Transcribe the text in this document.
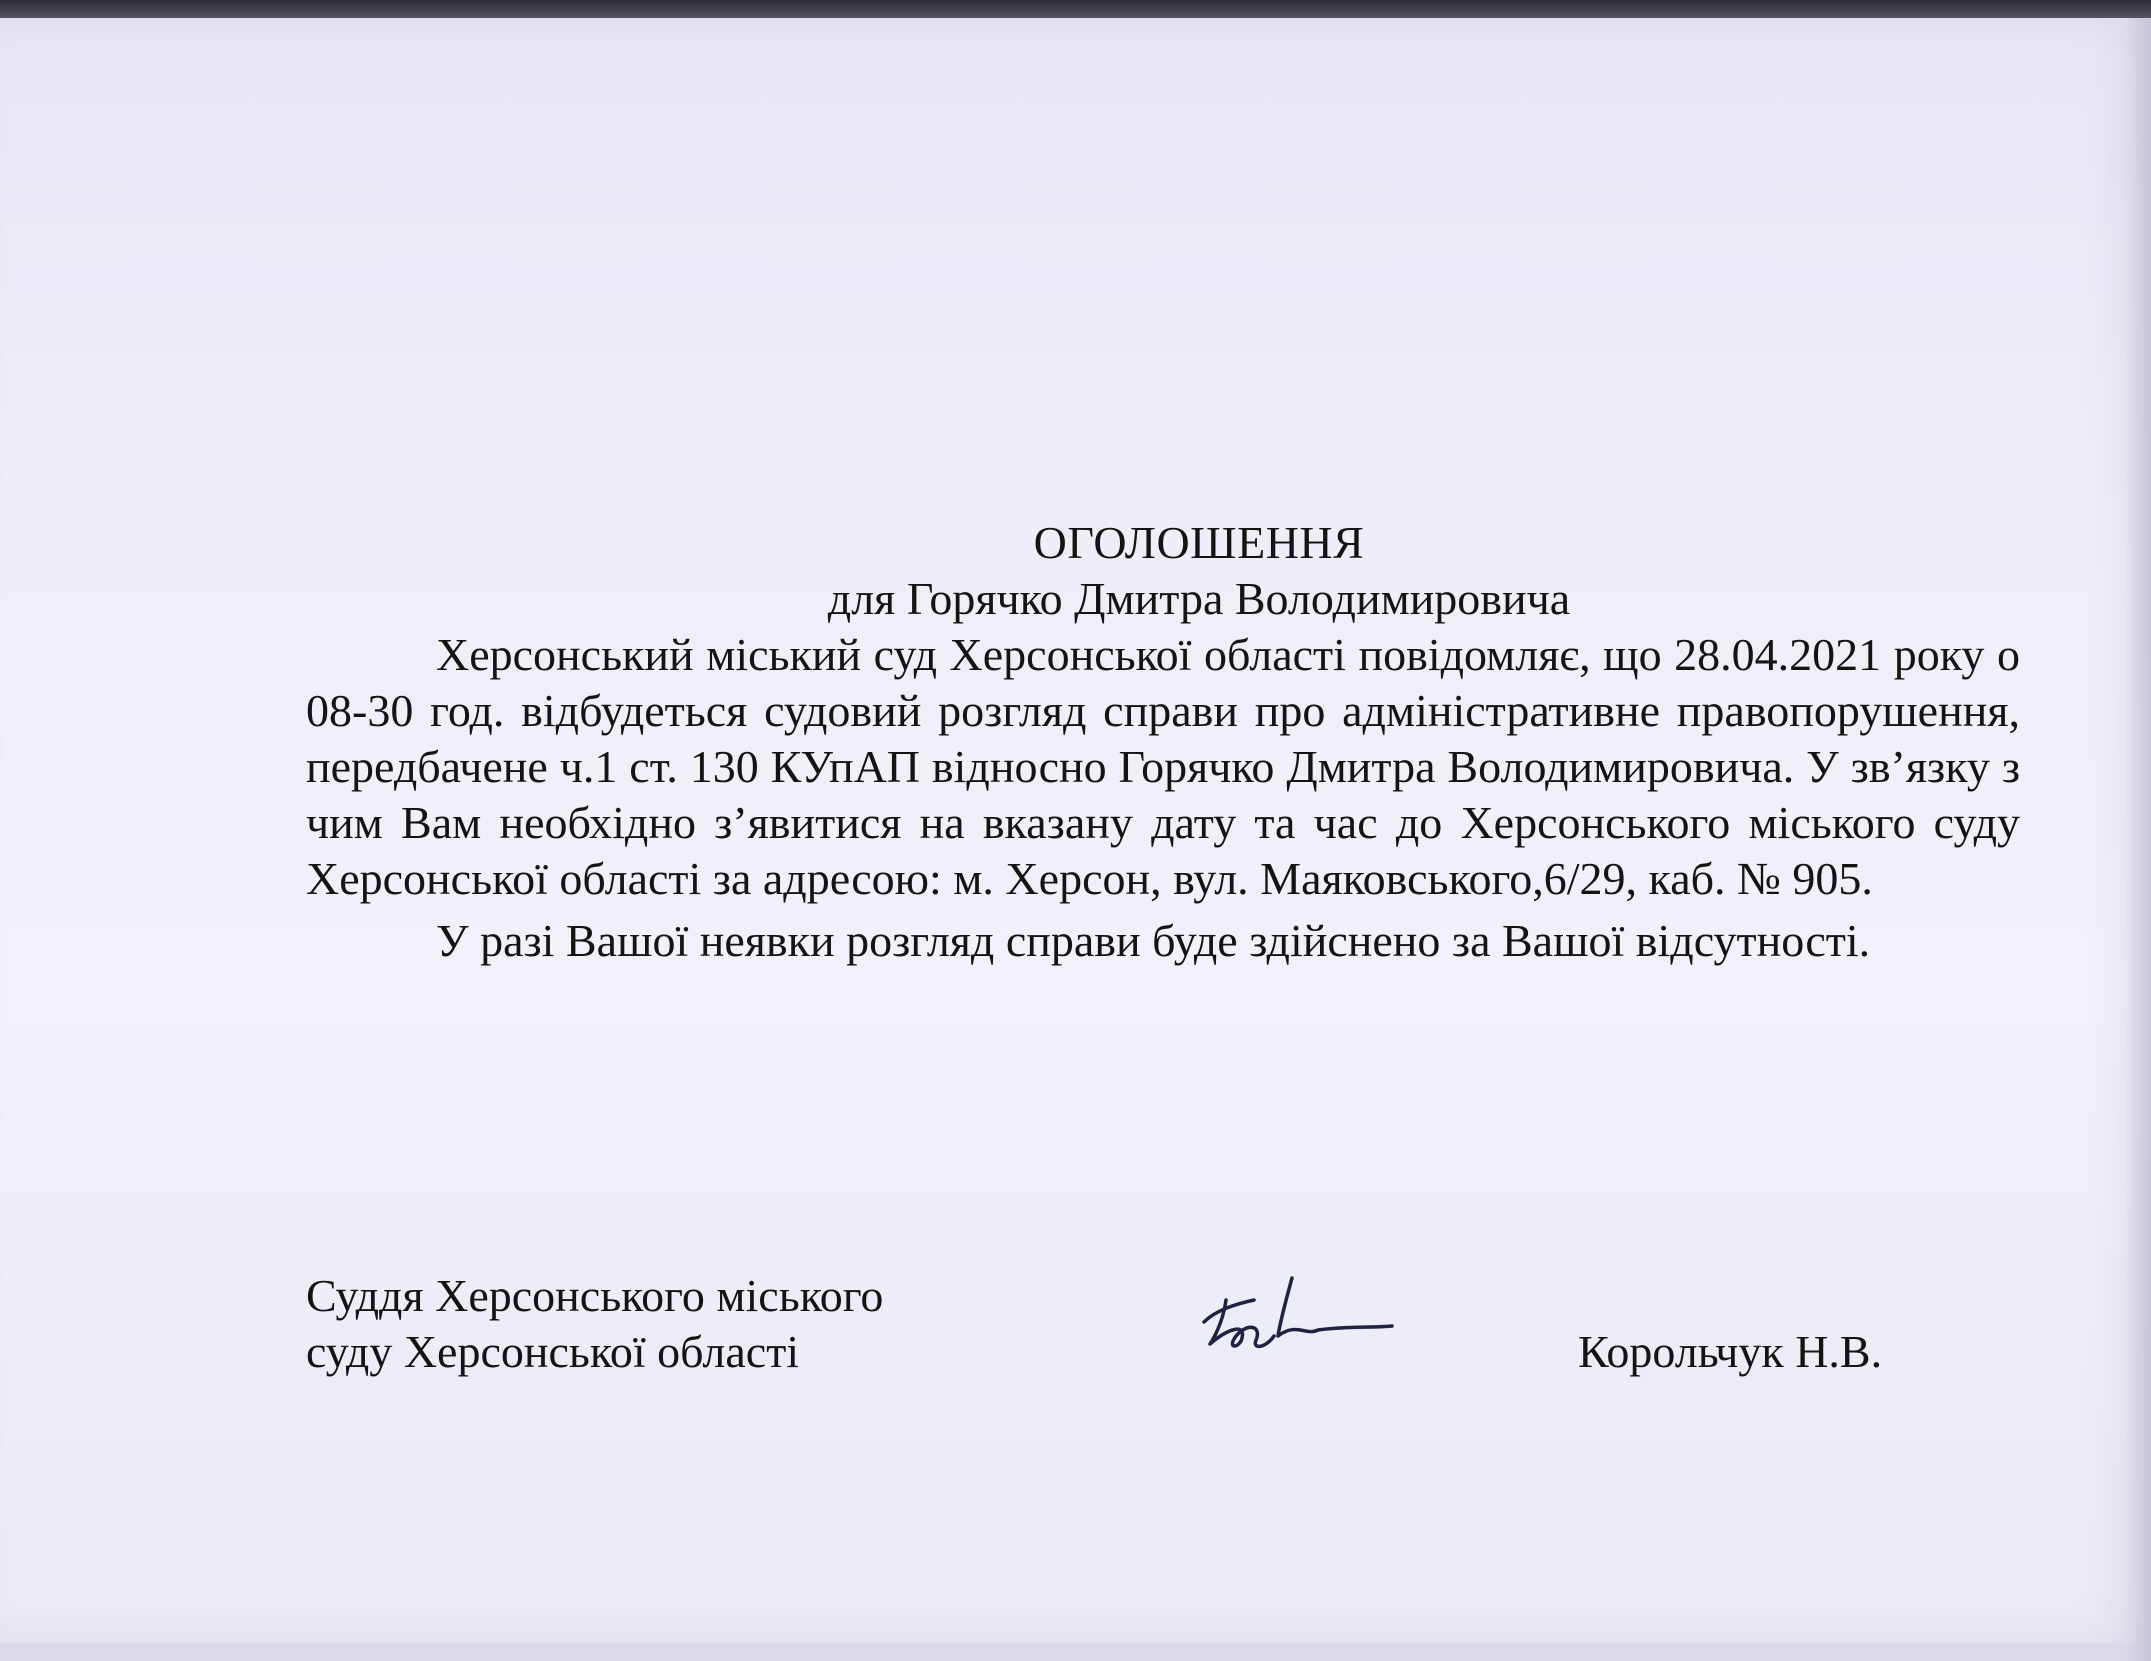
ОГОЛОШЕННЯ
для Горячко Дмитра Володимировича

Херсонський міський суд Херсонської області повідомляє, що 28.04.2021 року о 08-30 год. відбудеться судовий розгляд справи про адміністративне правопорушення, передбачене ч.1 ст. 130 КУпАП відносно Горячко Дмитра Володимировича. У зв’язку з чим Вам необхідно з’явитися на вказану дату та час до Херсонського міського суду Херсонської області за адресою: м. Херсон, вул. Маяковського,6/29, каб. № 905.

У разі Вашої неявки розгляд справи буде здійснено за Вашої відсутності.

Суддя Херсонського міського
суду Херсонської області	Корольчук Н.В.
